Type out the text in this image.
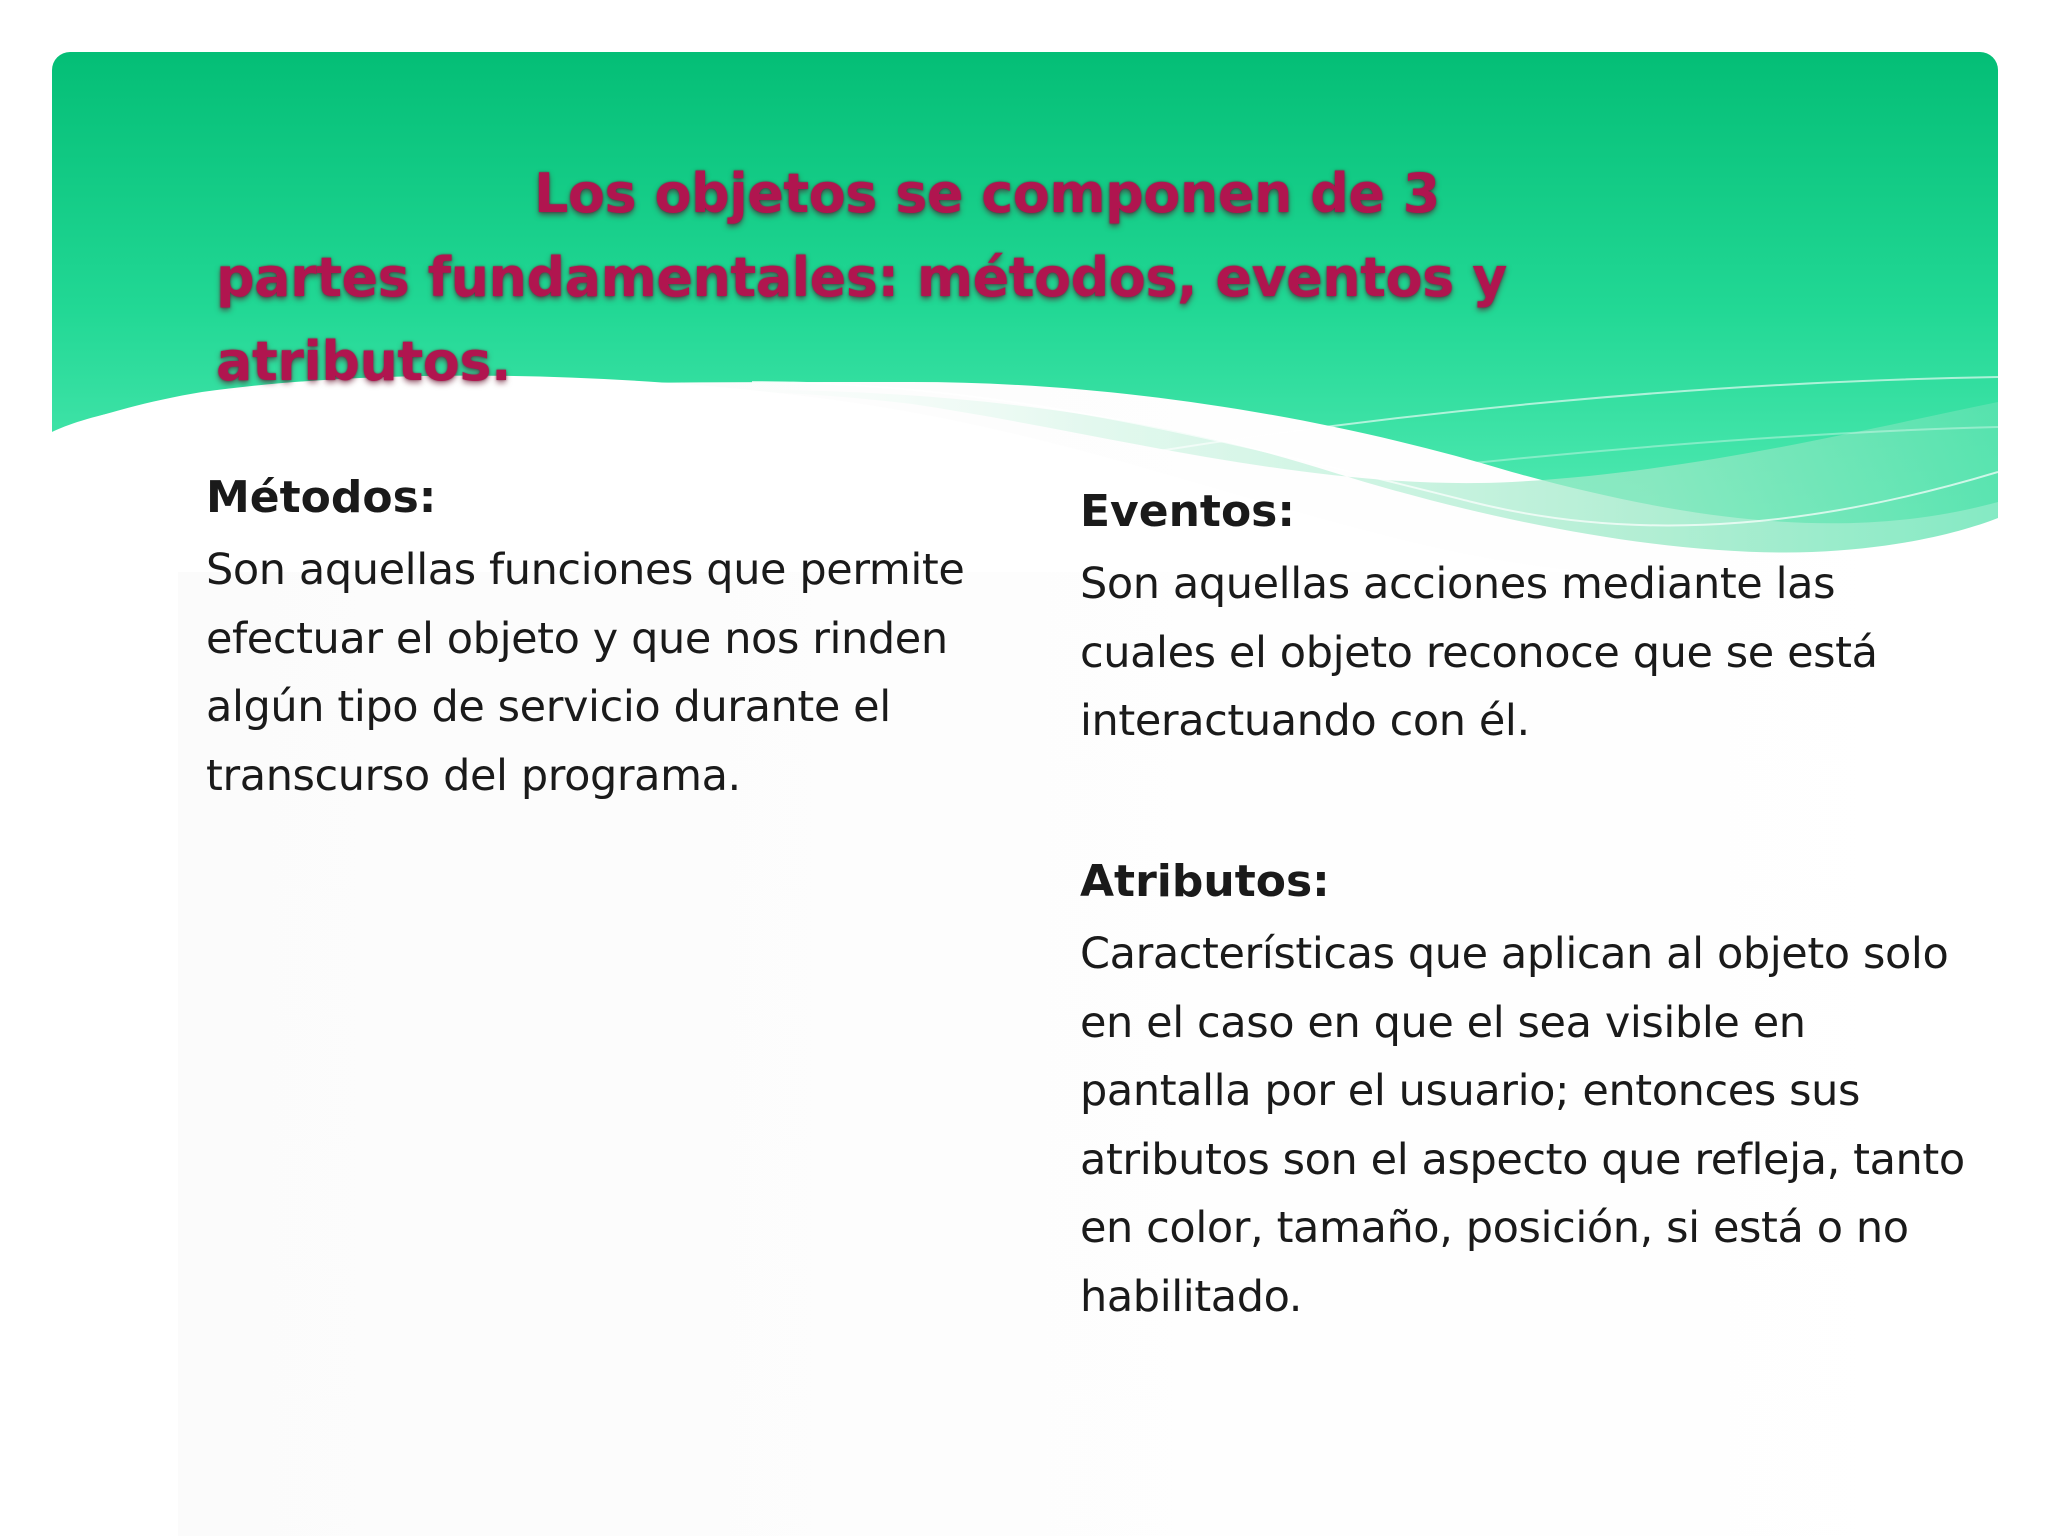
Los objetos se componen de 3
partes fundamentales: métodos, eventos y atributos.

Métodos:

Son aquellas funciones que permite efectuar el objeto y que nos rinden algún tipo de servicio durante el transcurso del programa.

Eventos:

Son aquellas acciones mediante las cuales el objeto reconoce que se está interactuando con él.

Atributos:

Características que aplican al objeto solo en el caso en que el sea visible en pantalla por el usuario; entonces sus atributos son el aspecto que refleja, tanto en color, tamaño, posición, si está o no habilitado.
